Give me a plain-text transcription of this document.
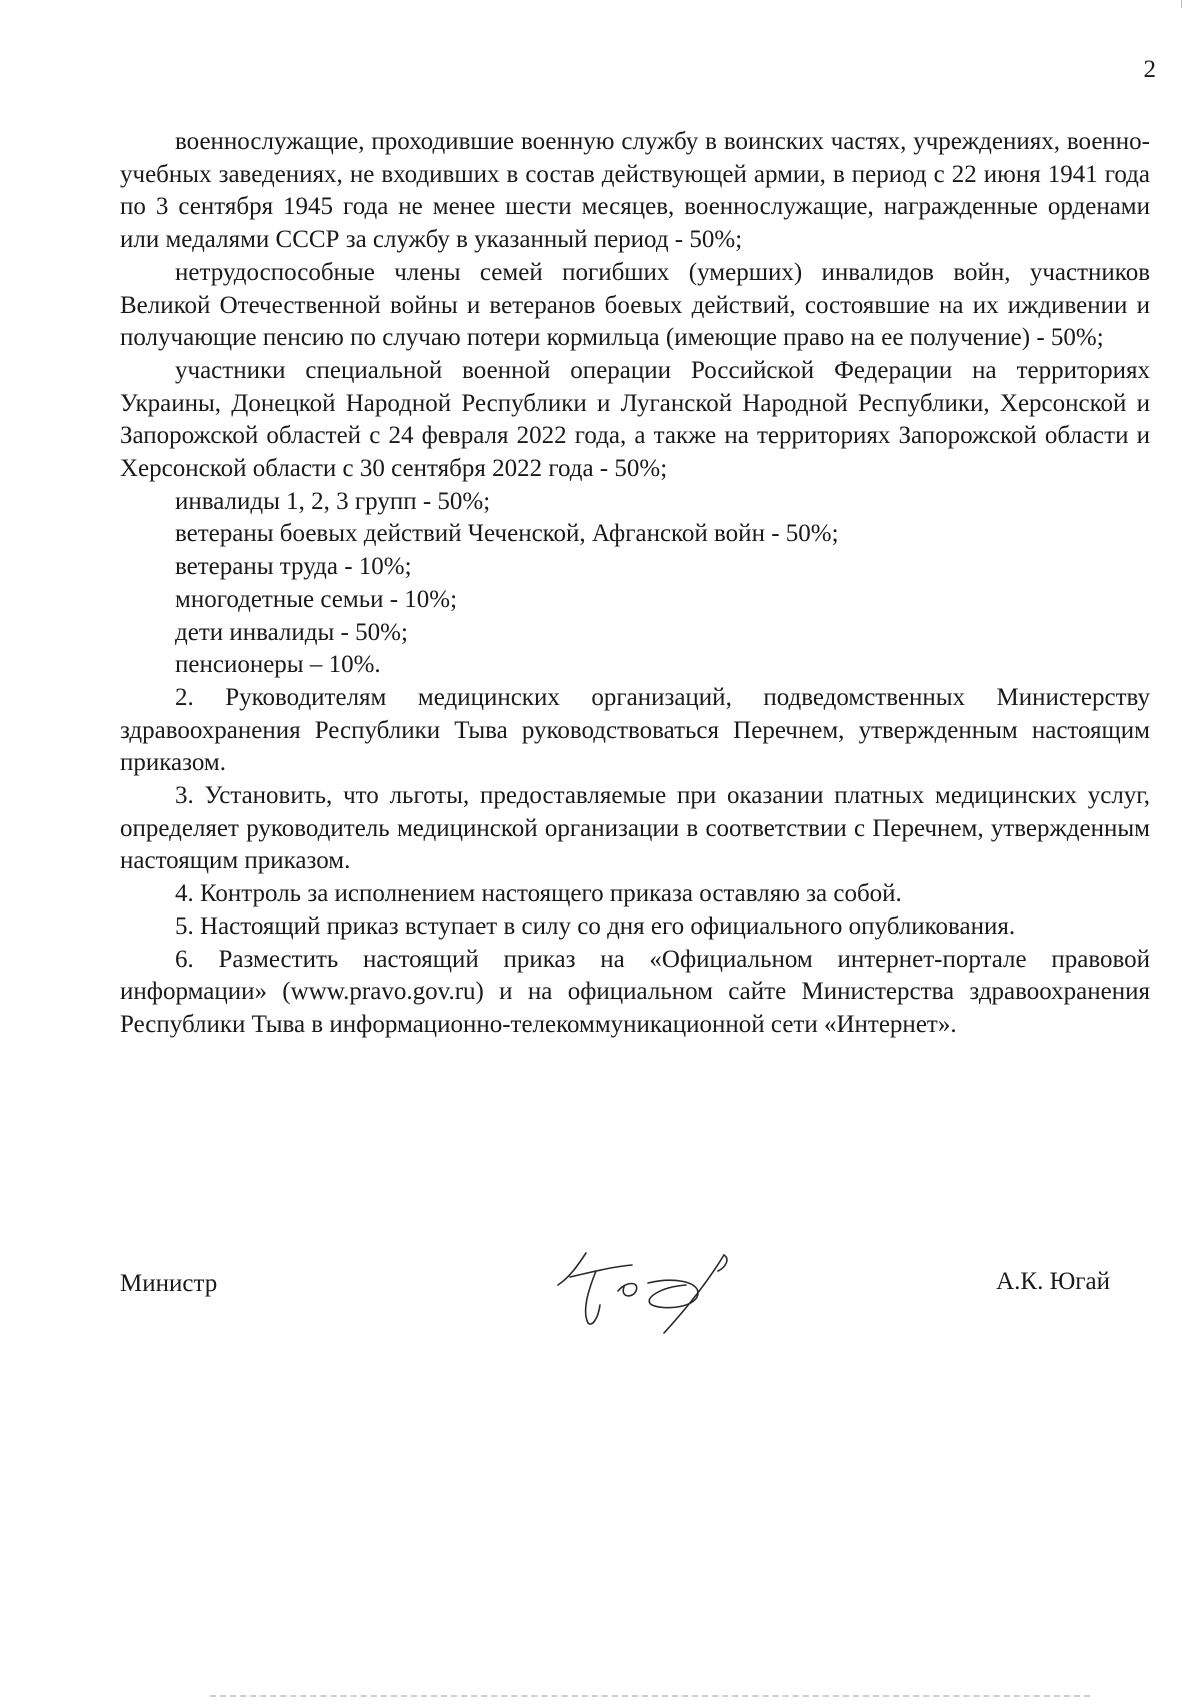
2

военнослужащие, проходившие военную службу в воинских частях, учреждениях, военно-учебных заведениях, не входивших в состав действующей армии, в период с 22 июня 1941 года по 3 сентября 1945 года не менее шести месяцев, военнослужащие, награжденные орденами или медалями СССР за службу в указанный период - 50%;

нетрудоспособные члены семей погибших (умерших) инвалидов войн, участников Великой Отечественной войны и ветеранов боевых действий, состоявшие на их иждивении и получающие пенсию по случаю потери кормильца (имеющие право на ее получение) - 50%;

участники специальной военной операции Российской Федерации на территориях Украины, Донецкой Народной Республики и Луганской Народной Республики, Херсонской и Запорожской областей с 24 февраля 2022 года, а также на территориях Запорожской области и Херсонской области с 30 сентября 2022 года - 50%;

инвалиды 1, 2, 3 групп - 50%;

ветераны боевых действий Чеченской, Афганской войн - 50%;

ветераны труда - 10%;

многодетные семьи - 10%;

дети инвалиды - 50%;

пенсионеры – 10%.

2. Руководителям медицинских организаций, подведомственных Министерству здравоохранения Республики Тыва руководствоваться Перечнем, утвержденным настоящим приказом.

3. Установить, что льготы, предоставляемые при оказании платных медицинских услуг, определяет руководитель медицинской организации в соответствии с Перечнем, утвержденным настоящим приказом.

4. Контроль за исполнением настоящего приказа оставляю за собой.

5. Настоящий приказ вступает в силу со дня его официального опубликования.

6. Разместить настоящий приказ на «Официальном интернет-портале правовой информации» (www.pravo.gov.ru) и на официальном сайте Министерства здравоохранения Республики Тыва в информационно-телекоммуникационной сети «Интернет».

Министр	А.К. Югай
